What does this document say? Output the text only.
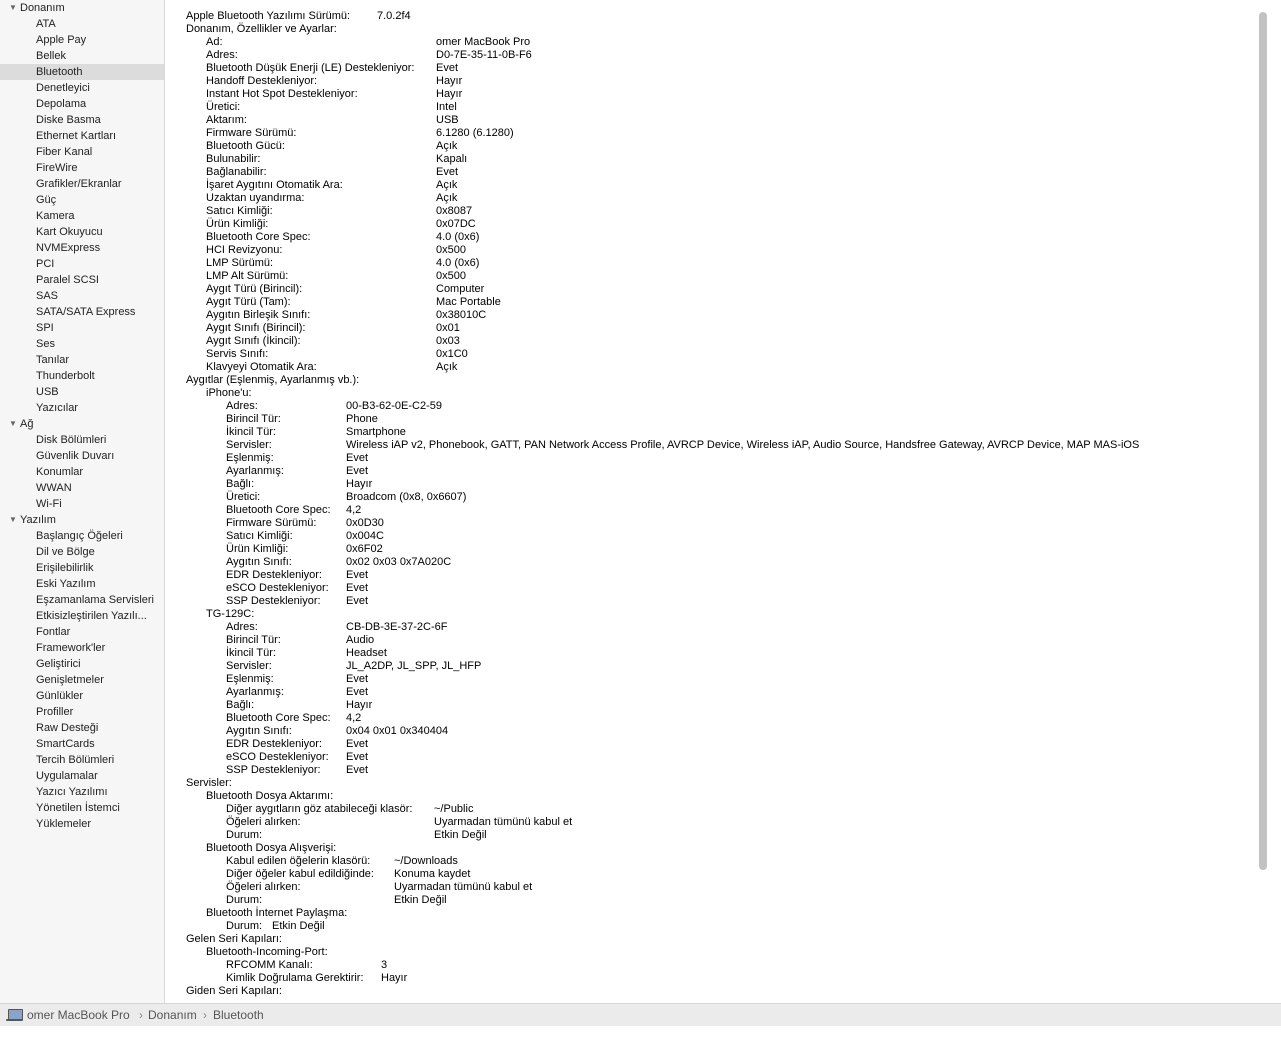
▼ Donanım
ATA
Apple Pay
Bellek
Bluetooth
Denetleyici
Depolama
Diske Basma
Ethernet Kartları
Fiber Kanal
FireWire
Grafikler/Ekranlar
Güç
Kamera
Kart Okuyucu
NVMExpress
PCI
Paralel SCSI
SAS
SATA/SATA Express
SPI
Ses
Tanılar
Thunderbolt
USB
Yazıcılar
▼ Ağ
Disk Bölümleri
Güvenlik Duvarı
Konumlar
WWAN
Wi-Fi
▼ Yazılım
Başlangıç Öğeleri
Dil ve Bölge
Erişilebilirlik
Eski Yazılım
Eşzamanlama Servisleri
Etkisizleştirilen Yazılı...
Fontlar
Framework'ler
Geliştirici
Genişletmeler
Günlükler
Profiller
Raw Desteği
SmartCards
Tercih Bölümleri
Uygulamalar
Yazıcı Yazılımı
Yönetilen İstemci
Yüklemeler
Apple Bluetooth Yazılımı Sürümü: 7.0.2f4
Donanım, Özellikler ve Ayarlar:
Ad:	omer MacBook Pro
Adres:	D0-7E-35-11-0B-F6
Bluetooth Düşük Enerji (LE) Destekleniyor: Evet
Handoff Destekleniyor:	Hayır
Instant Hot Spot Destekleniyor:	Hayır
Üretici:	Intel
Aktarım:	USB
Firmware Sürümü:	6.1280 (6.1280)
Bluetooth Gücü:	Açık
Bulunabilir:	Kapalı
Bağlanabilir:	Evet
İşaret Aygıtını Otomatik Ara:	Açık
Uzaktan uyandırma:	Açık
Satıcı Kimliği:	0x8087
Ürün Kimliği:	0x07DC
Bluetooth Core Spec:	4.0 (0x6)
HCI Revizyonu:	0x500
LMP Sürümü:	4.0 (0x6)
LMP Alt Sürümü:	0x500
Aygıt Türü (Birincil):	Computer
Aygıt Türü (Tam):	Mac Portable
Aygıtın Birleşik Sınıfı:	0x38010C
Aygıt Sınıfı (Birincil):	0x01
Aygıt Sınıfı (İkincil):	0x03
Servis Sınıfı:	0x1C0
Klavyeyi Otomatik Ara:	Açık
Aygıtlar (Eşlenmiş, Ayarlanmış vb.):
iPhone'u:
Adres:	00-B3-62-0E-C2-59
Birincil Tür:	Phone
İkincil Tür:	Smartphone
Servisler:	Wireless iAP v2, Phonebook, GATT, PAN Network Access Profile, AVRCP Device, Wireless iAP, Audio Source, Handsfree Gateway, AVRCP Device, MAP MAS-iOS
Eşlenmiş:	Evet
Ayarlanmış:	Evet
Bağlı:	Hayır
Üretici:	Broadcom (0x8, 0x6607)
Bluetooth Core Spec: 4,2
Firmware Sürümü:	0x0D30
Satıcı Kimliği:	0x004C
Ürün Kimliği:	0x6F02
Aygıtın Sınıfı:	0x02 0x03 0x7A020C
EDR Destekleniyor: Evet
eSCO Destekleniyor: Evet
SSP Destekleniyor: Evet
TG-129C:
Adres:	CB-DB-3E-37-2C-6F
Birincil Tür:	Audio
İkincil Tür:	Headset
Servisler:	JL_A2DP, JL_SPP, JL_HFP
Eşlenmiş:	Evet
Ayarlanmış:	Evet
Bağlı:	Hayır
Bluetooth Core Spec: 4,2
Aygıtın Sınıfı:	0x04 0x01 0x340404
EDR Destekleniyor: Evet
eSCO Destekleniyor: Evet
SSP Destekleniyor: Evet
Servisler:
Bluetooth Dosya Aktarımı:
Diğer aygıtların göz atabileceği klasör: ~/Public
Öğeleri alırken:	Uyarmadan tümünü kabul et
Durum:	Etkin Değil
Bluetooth Dosya Alışverişi:
Kabul edilen öğelerin klasörü: ~/Downloads
Diğer öğeler kabul edildiğinde: Konuma kaydet
Öğeleri alırken:	Uyarmadan tümünü kabul et
Durum:	Etkin Değil
Bluetooth İnternet Paylaşma:
Durum: Etkin Değil
Gelen Seri Kapıları:
Bluetooth-Incoming-Port:
RFCOMM Kanalı:	3
Kimlik Doğrulama Gerektirir: Hayır
Giden Seri Kapıları:
omer MacBook Pro › Donanım › Bluetooth
